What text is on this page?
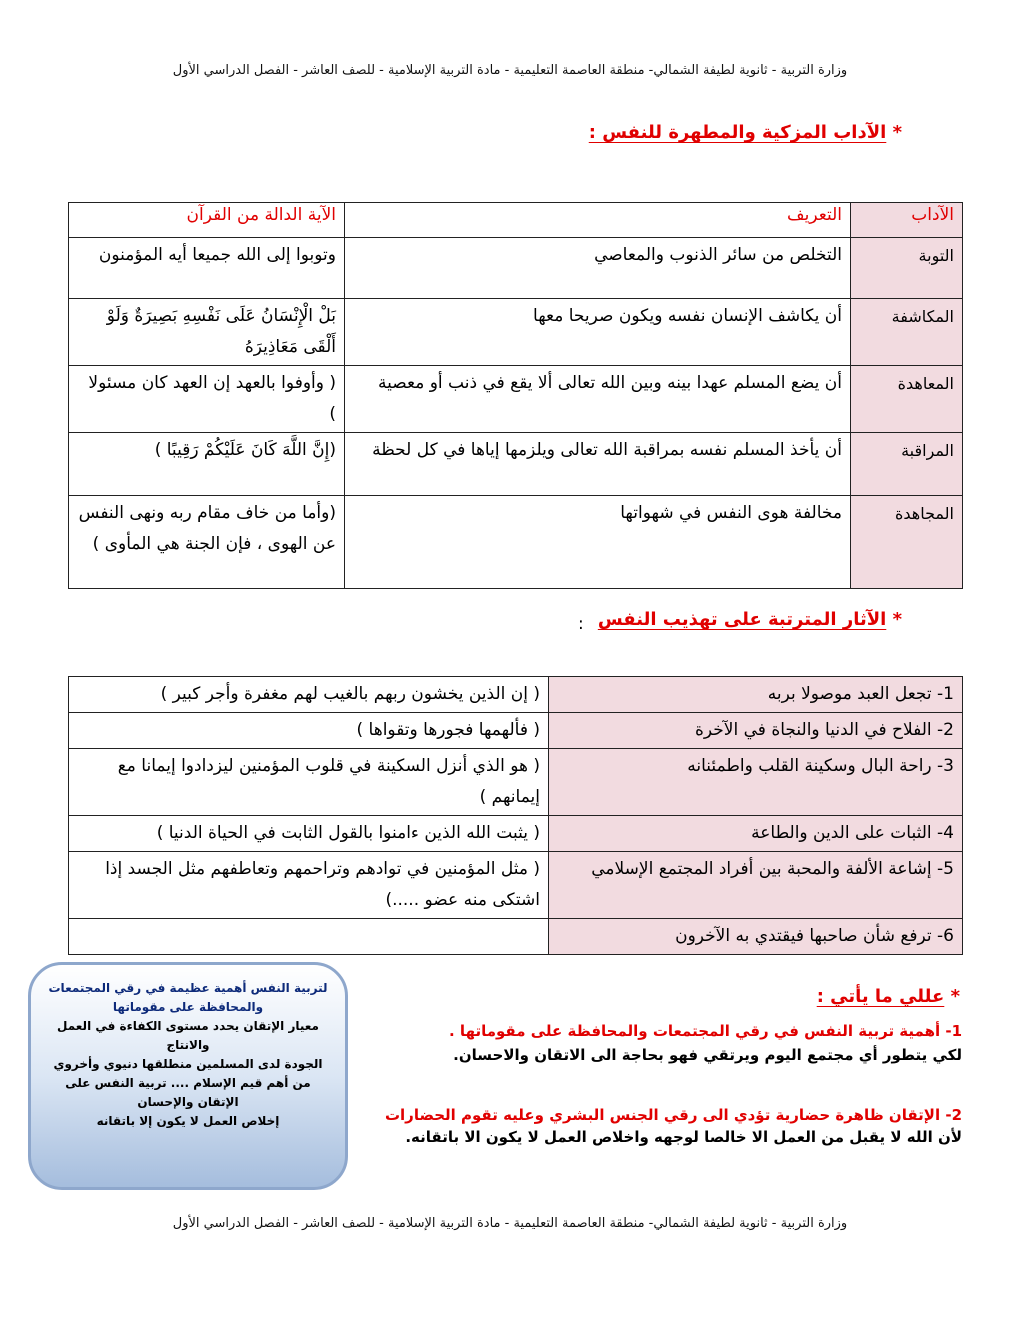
وزارة التربية - ثانوية لطيفة الشمالي- منطقة العاصمة التعليمية - مادة التربية الإسلامية - للصف العاشر - الفصل الدراسي الأول
* الآداب المزكية والمطهرة للنفس :
الآداب	التعريف	الآية الدالة من القرآن
التوبة	التخلص من سائر الذنوب والمعاصي	وتوبوا إلى الله جميعا أيه المؤمنون
المكاشفة	أن يكاشف الإنسان نفسه ويكون صريحا معها	بَلْ الْإِنْسَانُ عَلَى نَفْسِهِ بَصِيرَةٌ وَلَوْ أَلْقَى مَعَاذِيرَهُ
المعاهدة	أن يضع المسلم عهدا بينه وبين الله تعالى ألا يقع في ذنب أو معصية	( وأوفوا بالعهد إن العهد كان مسئولا )
المراقبة	أن يأخذ المسلم نفسه بمراقبة الله تعالى ويلزمها إياها في كل لحظة	(إِنَّ اللَّهَ كَانَ عَلَيْكُمْ رَقِيبًا )
المجاهدة	مخالفة هوى النفس في شهواتها	(وأما من خاف مقام ربه ونهى النفس عن الهوى ، فإن الجنة هي المأوى )
* الآثار المترتبة على تهذيب النفس
:
1- تجعل العبد موصولا بربه	( إن الذين يخشون ربهم بالغيب لهم مغفرة وأجر كبير )
2- الفلاح في الدنيا والنجاة في الآخرة	( فألهمها فجورها وتقواها )
3- راحة البال وسكينة القلب واطمئنانه	( هو الذي أنزل السكينة في قلوب المؤمنين ليزدادوا إيمانا مع إيمانهم )
4- الثبات على الدين والطاعة	( يثبت الله الذين ءامنوا بالقول الثابت في الحياة الدنيا )
5- إشاعة الألفة والمحبة بين أفراد المجتمع الإسلامي	( مثل المؤمنين في توادهم وتراحمهم وتعاطفهم مثل الجسد إذا اشتكى منه عضو .....)
6- ترفع شأن صاحبها فيقتدي به الآخرون	
* عللي ما يأتي :
1- أهمية تربية النفس في رقي المجتمعات والمحافظة على مقوماتها .
لكي يتطور أي مجتمع اليوم ويرتقي فهو بحاجة الى الاتقان والاحسان.
2- الإتقان ظاهرة حضارية تؤدي الى رقي الجنس البشري وعليه تقوم الحضارات
لأن الله لا يقبل من العمل الا خالصا لوجهه واخلاص العمل لا يكون الا باتقانه.
لتربية النفس أهمية عظيمة في رقي المجتمعات والمحافظة على مقوماتها
معيار الإتقان يحدد مستوى الكفاءة في العمل والانتاج
الجودة لدى المسلمين منطلقها دنيوي وأخروي
من أهم قيم الإسلام .... تربية النفس على الإتقان والإحسان
إخلاص العمل لا يكون إلا باتقانه
وزارة التربية - ثانوية لطيفة الشمالي- منطقة العاصمة التعليمية - مادة التربية الإسلامية - للصف العاشر - الفصل الدراسي الأول
